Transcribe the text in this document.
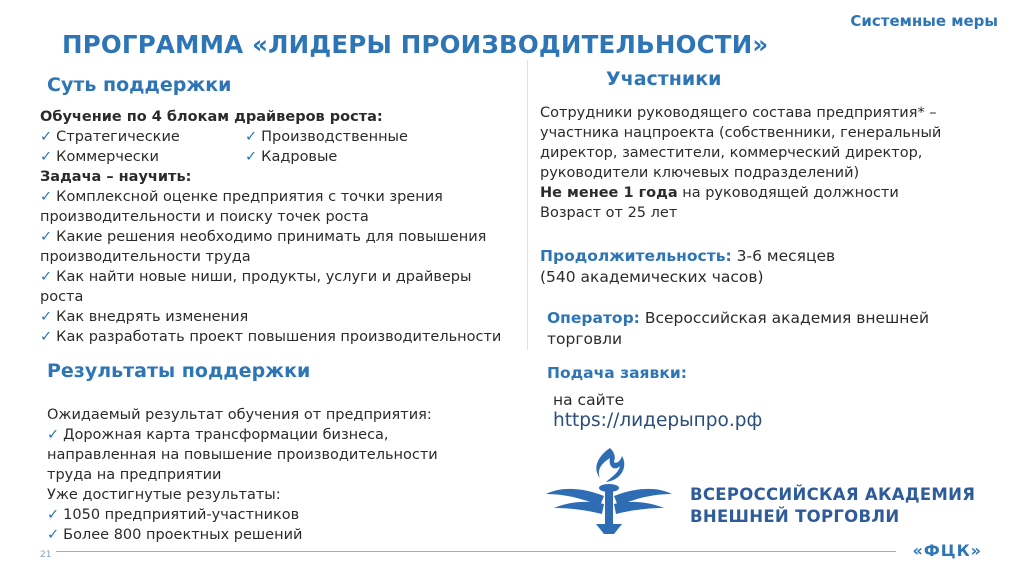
Системные меры
ПРОГРАММА «ЛИДЕРЫ ПРОИЗВОДИТЕЛЬНОСТИ»
Суть поддержки
Обучение по 4 блокам драйверов роста:
✓ Стратегические	✓ Производственные
✓ Коммерчески	✓ Кадровые
Задача – научить:
✓ Комплексной оценке предприятия с точки зрения
производительности и поиску точек роста
✓ Какие решения необходимо принимать для повышения
производительности труда
✓ Как найти новые ниши, продукты, услуги и драйверы
роста
✓ Как внедрять изменения
✓ Как разработать проект повышения производительности
Результаты поддержки
Ожидаемый результат обучения от предприятия:
✓ Дорожная карта трансформации бизнеса,
направленная на повышение производительности
труда на предприятии
Уже достигнутые результаты:
✓ 1050 предприятий-участников
✓ Более 800 проектных решений
Участники
Сотрудники руководящего состава предприятия* –
участника нацпроекта (собственники, генеральный
директор, заместители, коммерческий директор,
руководители ключевых подразделений)
Не менее 1 года на руководящей должности
Возраст от 25 лет
Продолжительность: 3-6 месяцев
(540 академических часов)
Оператор: Всероссийская академия внешней
торговли
Подача заявки:
на сайте
https://лидерыпро.рф
ВСЕРОССИЙСКАЯ АКАДЕМИЯ
ВНЕШНЕЙ ТОРГОВЛИ
21	«ФЦК»
